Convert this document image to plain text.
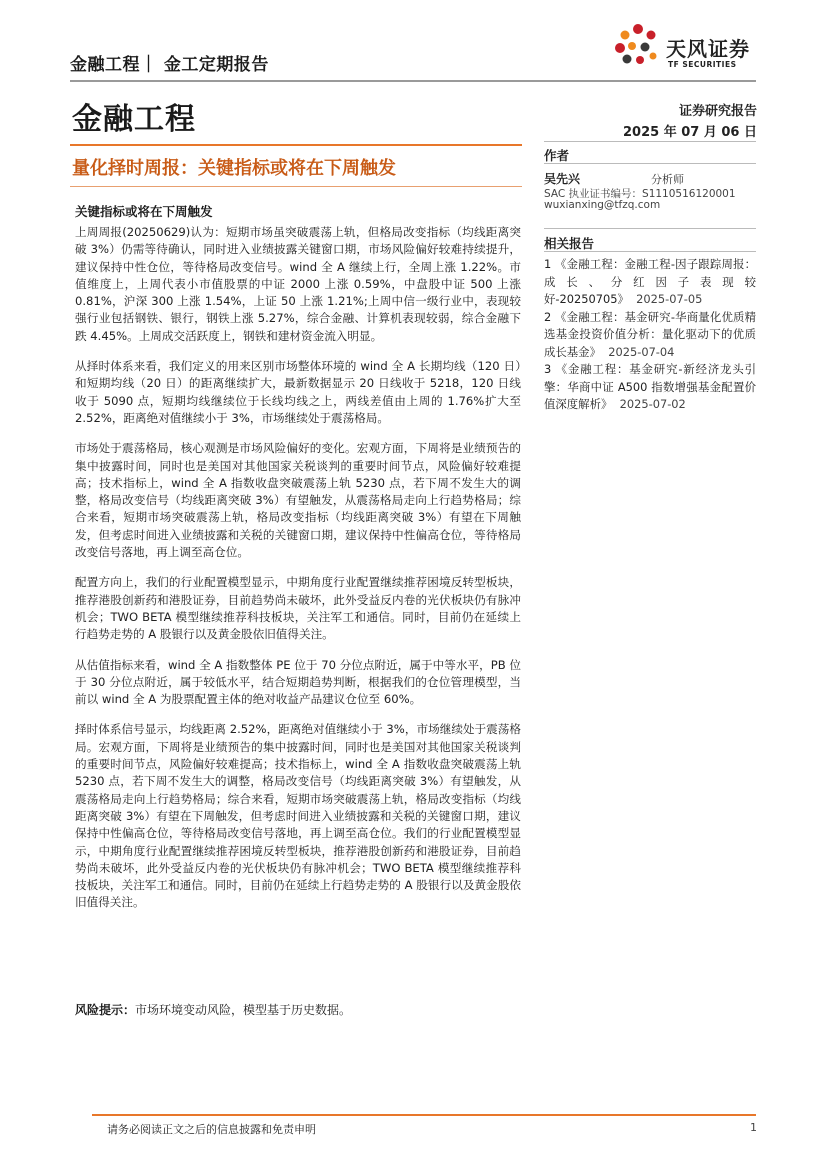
金融工程｜ 金工定期报告
天风证券
TF SECURITIES
金融工程	证券研究报告
2025 年 07 月 06 日
量化择时周报：关键指标或将在下周触发
关键指标或将在下周触发

上周周报(20250629)认为：短期市场虽突破震荡上轨，但格局改变指标（均线距离突破 3%）仍需等待确认，同时进入业绩披露关键窗口期，市场风险偏好较难持续提升，建议保持中性仓位，等待格局改变信号。wind 全 A 继续上行，全周上涨 1.22%。市值维度上，上周代表小市值股票的中证 2000 上涨 0.59%，中盘股中证 500 上涨 0.81%，沪深 300 上涨 1.54%，上证 50 上涨 1.21%;上周中信一级行业中，表现较强行业包括钢铁、银行，钢铁上涨 5.27%，综合金融、计算机表现较弱，综合金融下跌 4.45%。上周成交活跃度上，钢铁和建材资金流入明显。

从择时体系来看，我们定义的用来区别市场整体环境的 wind 全 A 长期均线（120 日）和短期均线（20 日）的距离继续扩大，最新数据显示 20 日线收于 5218，120 日线收于 5090 点，短期均线继续位于长线均线之上，两线差值由上周的 1.76%扩大至 2.52%，距离绝对值继续小于 3%，市场继续处于震荡格局。

市场处于震荡格局，核心观测是市场风险偏好的变化。宏观方面，下周将是业绩预告的集中披露时间，同时也是美国对其他国家关税谈判的重要时间节点，风险偏好较难提高；技术指标上，wind 全 A 指数收盘突破震荡上轨 5230 点，若下周不发生大的调整，格局改变信号（均线距离突破 3%）有望触发，从震荡格局走向上行趋势格局；综合来看，短期市场突破震荡上轨，格局改变指标（均线距离突破 3%）有望在下周触发，但考虑时间进入业绩披露和关税的关键窗口期，建议保持中性偏高仓位，等待格局改变信号落地，再上调至高仓位。

配置方向上，我们的行业配置模型显示，中期角度行业配置继续推荐困境反转型板块，推荐港股创新药和港股证券，目前趋势尚未破坏，此外受益反内卷的光伏板块仍有脉冲机会；TWO BETA 模型继续推荐科技板块，关注军工和通信。同时，目前仍在延续上行趋势走势的 A 股银行以及黄金股依旧值得关注。

从估值指标来看，wind 全 A 指数整体 PE 位于 70 分位点附近，属于中等水平，PB 位于 30 分位点附近，属于较低水平，结合短期趋势判断，根据我们的仓位管理模型，当前以 wind 全 A 为股票配置主体的绝对收益产品建议仓位至 60%。

择时体系信号显示，均线距离 2.52%，距离绝对值继续小于 3%，市场继续处于震荡格局。宏观方面，下周将是业绩预告的集中披露时间，同时也是美国对其他国家关税谈判的重要时间节点，风险偏好较难提高；技术指标上，wind 全 A 指数收盘突破震荡上轨 5230 点，若下周不发生大的调整，格局改变信号（均线距离突破 3%）有望触发，从震荡格局走向上行趋势格局；综合来看，短期市场突破震荡上轨，格局改变指标（均线距离突破 3%）有望在下周触发，但考虑时间进入业绩披露和关税的关键窗口期，建议保持中性偏高仓位，等待格局改变信号落地，再上调至高仓位。我们的行业配置模型显示，中期角度行业配置继续推荐困境反转型板块，推荐港股创新药和港股证券，目前趋势尚未破坏，此外受益反内卷的光伏板块仍有脉冲机会；TWO BETA 模型继续推荐科技板块，关注军工和通信。同时，目前仍在延续上行趋势走势的 A 股银行以及黄金股依旧值得关注。

风险提示：市场环境变动风险，模型基于历史数据。
作者
吴先兴	分析师
SAC 执业证书编号：S1110516120001
wuxianxing@tfzq.com
相关报告
1 《金融工程：金融工程-因子跟踪周报：成长、分红因子表现较好-20250705》 2025-07-05
2 《金融工程：基金研究-华商量化优质精选基金投资价值分析：量化驱动下的优质成长基金》 2025-07-04
3 《金融工程：基金研究-新经济龙头引擎：华商中证 A500 指数增强基金配置价值深度解析》 2025-07-02
请务必阅读正文之后的信息披露和免责申明	1
